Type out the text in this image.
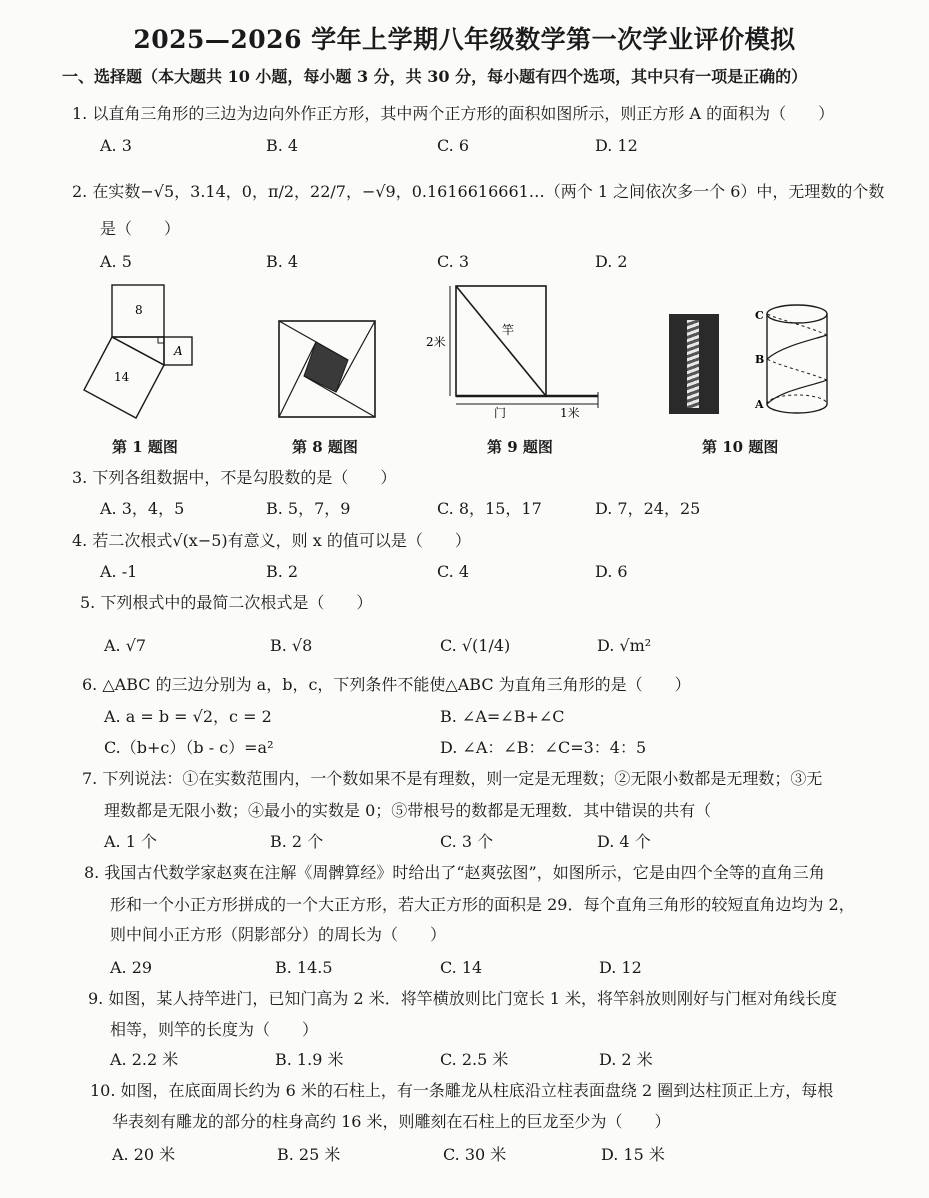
2025—2026 学年上学期八年级数学第一次学业评价模拟
一、选择题（本大题共 10 小题，每小题 3 分，共 30 分，每小题有四个选项，其中只有一项是正确的）
1. 以直角三角形的三边为边向外作正方形，其中两个正方形的面积如图所示，则正方形 A 的面积为（　　）
A. 3	B. 4	C. 6	D. 12
2. 在实数−√5，3.14，0，π/2，22/7，−√9，0.1616616661…（两个 1 之间依次多一个 6）中，无理数的个数
是（　　）
A. 5	B. 4	C. 3	D. 2
8
14
A
第 1 题图	第 8 题图
2米
竿
门	1米
第 9 题图
C
B
A
第 10 题图
3. 下列各组数据中，不是勾股数的是（　　）
A. 3，4，5	B. 5，7，9	C. 8，15，17	D. 7，24，25
4. 若二次根式√(x−5)有意义，则 x 的值可以是（　　）
A. -1	B. 2	C. 4	D. 6
5. 下列根式中的最简二次根式是（　　）
A. √7	B. √8	C. √(1/4)	D. √m²
6. △ABC 的三边分别为 a，b，c，下列条件不能使△ABC 为直角三角形的是（　　）
A. a = b = √2，c = 2	B. ∠A=∠B+∠C
C.（b+c）（b - c）=a²	D. ∠A：∠B：∠C=3：4：5
7. 下列说法：①在实数范围内，一个数如果不是有理数，则一定是无理数；②无限小数都是无理数；③无
理数都是无限小数；④最小的实数是 0；⑤带根号的数都是无理数．其中错误的共有（
A. 1 个	B. 2 个	C. 3 个	D. 4 个
8. 我国古代数学家赵爽在注解《周髀算经》时给出了“赵爽弦图”，如图所示，它是由四个全等的直角三角
形和一个小正方形拼成的一个大正方形，若大正方形的面积是 29．每个直角三角形的较短直角边均为 2，
则中间小正方形（阴影部分）的周长为（　　）
A. 29	B. 14.5	C. 14	D. 12
9. 如图，某人持竿进门，已知门高为 2 米．将竿横放则比门宽长 1 米，将竿斜放则刚好与门框对角线长度
相等，则竿的长度为（　　）
A. 2.2 米	B. 1.9 米	C. 2.5 米	D. 2 米
10. 如图，在底面周长约为 6 米的石柱上，有一条雕龙从柱底沿立柱表面盘绕 2 圈到达柱顶正上方，每根
华表刻有雕龙的部分的柱身高约 16 米，则雕刻在石柱上的巨龙至少为（　　）
A. 20 米	B. 25 米	C. 30 米	D. 15 米
